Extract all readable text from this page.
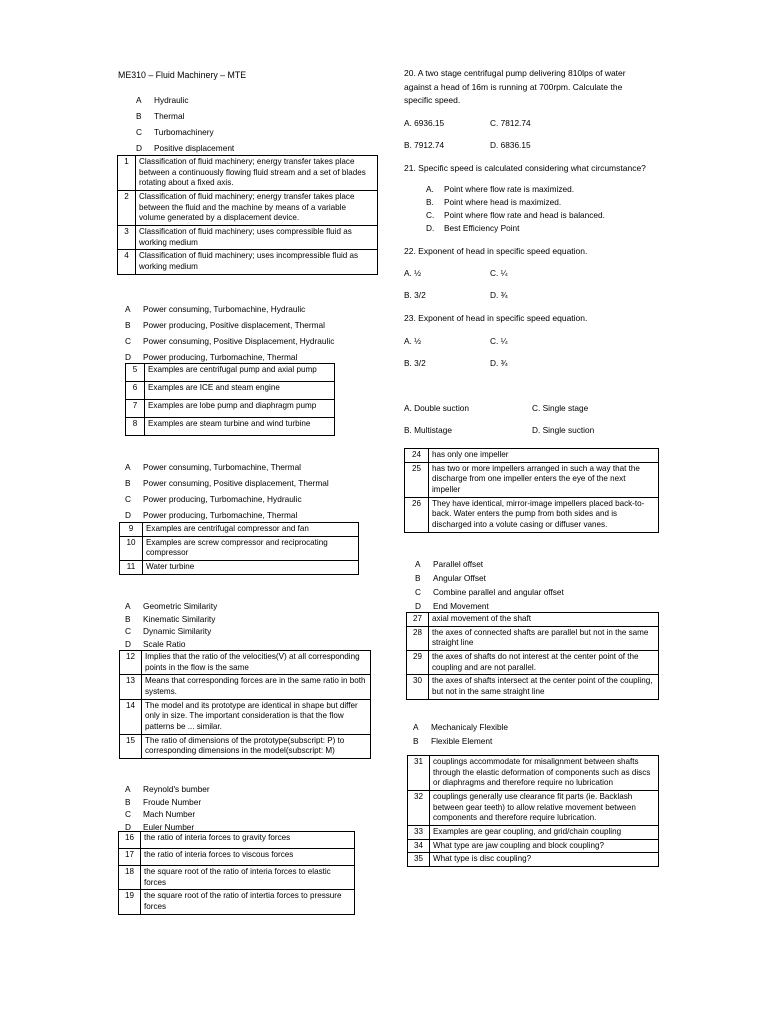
ME310 – Fluid Machinery – MTE
A	Hydraulic
B	Thermal
C	Turbomachinery
D	Positive displacement
1	Classification of fluid machinery; energy transfer takes place between a continuously flowing fluid stream and a set of blades rotating about a fixed axis.
2	Classification of fluid machinery; energy transfer takes place between the fluid and the machine by means of a variable volume generated by a displacement device.
3	Classification of fluid machinery; uses compressible fluid as working medium
4	Classification of fluid machinery; uses incompressible fluid as working medium
A	Power consuming, Turbomachine, Hydraulic
B	Power producing, Positive displacement, Thermal
C	Power consuming, Positive Displacement, Hydraulic
D	Power producing, Turbomachine, Thermal
5	Examples are centrifugal pump and axial pump
6	Examples are ICE and steam engine
7	Examples are lobe pump and diaphragm pump
8	Examples are steam turbine and wind turbine
A	Power consuming, Turbomachine, Thermal
B	Power consuming, Positive displacement, Thermal
C	Power producing, Turbomachine, Hydraulic
D	Power producing, Turbomachine, Thermal
9	Examples are centrifugal compressor and fan
10	Examples are screw compressor and reciprocating compressor
11	Water turbine
A	Geometric Similarity
B	Kinematic Similarity
C	Dynamic Similarity
D	Scale Ratio
12	Implies that the ratio of the velocities(V) at all corresponding points in the flow is the same
13	Means that corresponding forces are in the same ratio in both systems.
14	The model and its prototype are identical in shape but differ only in size. The important consideration is that the flow patterns be ... similar.
15	The ratio of dimensions of the prototype(subscript: P) to corresponding dimensions in the model(subscript: M)
A	Reynold's bumber
B	Froude Number
C	Mach Number
D	Euler Number
16	the ratio of interia forces to gravity forces
17	the ratio of interia forces to viscous forces
18	the square root of the ratio of interia forces to elastic forces
19	the square root of the ratio of intertia forces to pressure forces
20. A two stage centrifugal pump delivering 810lps of water against a head of 16m is running at 700rpm. Calculate the specific speed.
A. 6936.15	C. 7812.74
B. 7912.74	D. 6836.15
21. Specific speed is calculated considering what circumstance?
A.	Point where flow rate is maximized.
B.	Point where head is maximized.
C.	Point where flow rate and head is balanced.
D.	Best Efficiency Point
22. Exponent of head in specific speed equation.
A. ½	C. ¼
B. 3/2	D. ¾
23. Exponent of head in specific speed equation.
A. ½	C. ¼
B. 3/2	D. ¾
A. Double suction	C. Single stage
B. Multistage	D. Single suction
24	has only one impeller
25	has two or more impellers arranged in such a way that the discharge from one impeller enters the eye of the next impeller
26	They have identical, mirror-image impellers placed back-to-back. Water enters the pump from both sides and is discharged into a volute casing or diffuser vanes.
A	Parallel offset
B	Angular Offset
C	Combine parallel and angular offset
D	End Movement
27	axial movement of the shaft
28	the axes of connected shafts are parallel but not in the same straight line
29	the axes of shafts do not interest at the center point of the coupling and are not parallel.
30	the axes of shafts intersect at the center point of the coupling, but not in the same straight line
A	Mechanicaly Flexible
B	Flexible Element
31	couplings accommodate for misalignment between shafts through the elastic deformation of components such as discs or diaphragms and therefore require no lubrication
32	couplings generally use clearance fit parts (ie. Backlash between gear teeth) to allow relative movement between components and therefore require lubrication.
33	Examples are gear coupling, and grid/chain coupling
34	What type are jaw coupling and block coupling?
35	What type is disc coupling?
